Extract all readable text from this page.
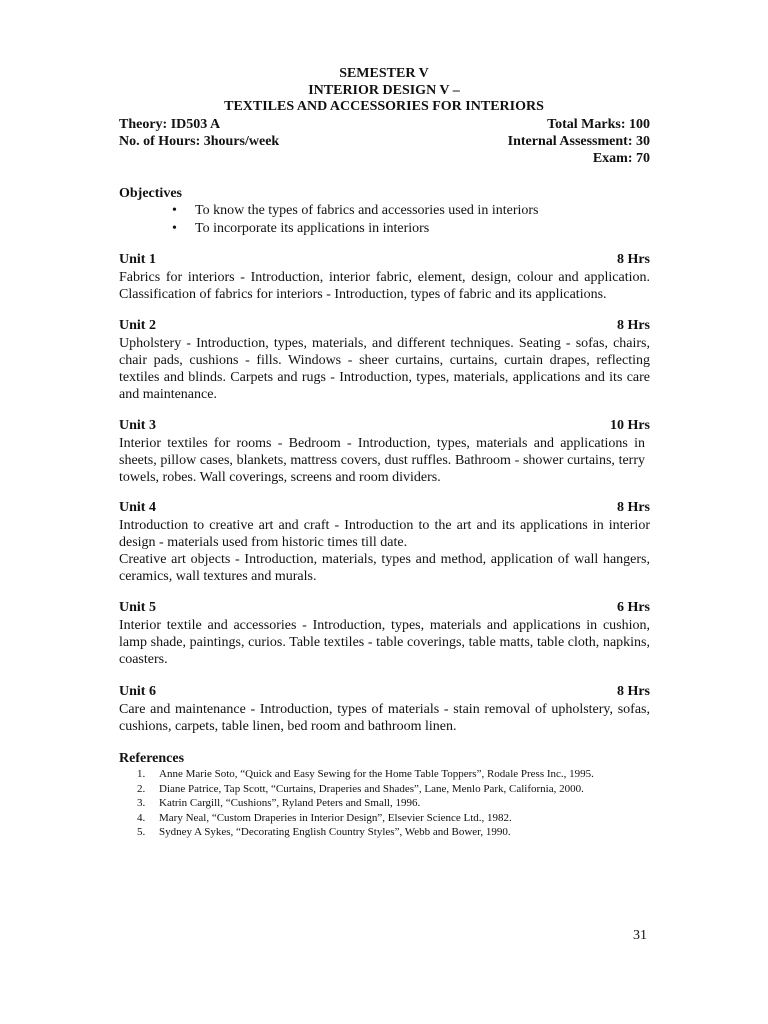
SEMESTER V
INTERIOR DESIGN V –
TEXTILES AND ACCESSORIES FOR INTERIORS
Theory: ID503 A	Total Marks: 100
No. of Hours: 3hours/week	Internal Assessment: 30
Exam: 70
Objectives
• To know the types of fabrics and accessories used in interiors
• To incorporate its applications in interiors
Unit 1	8 Hrs
Fabrics for interiors - Introduction, interior fabric, element, design, colour and application. Classification of fabrics for interiors - Introduction, types of fabric and its applications.
Unit 2	8 Hrs
Upholstery - Introduction, types, materials, and different techniques. Seating - sofas, chairs, chair pads, cushions - fills. Windows - sheer curtains, curtains, curtain drapes, reflecting textiles and blinds. Carpets and rugs - Introduction, types, materials, applications and its care and maintenance.
Unit 3	10 Hrs
Interior textiles for rooms - Bedroom - Introduction, types, materials and applications in sheets, pillow cases, blankets, mattress covers, dust ruffles. Bathroom - shower curtains, terry towels, robes. Wall coverings, screens and room dividers.
Unit 4	8 Hrs
Introduction to creative art and craft - Introduction to the art and its applications in interior design - materials used from historic times till date.
Creative art objects - Introduction, materials, types and method, application of wall hangers, ceramics, wall textures and murals.
Unit 5	6 Hrs
Interior textile and accessories - Introduction, types, materials and applications in cushion, lamp shade, paintings, curios. Table textiles - table coverings, table matts, table cloth, napkins, coasters.
Unit 6	8 Hrs
Care and maintenance - Introduction, types of materials - stain removal of upholstery, sofas, cushions, carpets, table linen, bed room and bathroom linen.
References
1. Anne Marie Soto, “Quick and Easy Sewing for the Home Table Toppers”, Rodale Press Inc., 1995.
2. Diane Patrice, Tap Scott, “Curtains, Draperies and Shades”, Lane, Menlo Park, California, 2000.
3. Katrin Cargill, “Cushions”, Ryland Peters and Small, 1996.
4. Mary Neal, “Custom Draperies in Interior Design”, Elsevier Science Ltd., 1982.
5. Sydney A Sykes, “Decorating English Country Styles”, Webb and Bower, 1990.
31
